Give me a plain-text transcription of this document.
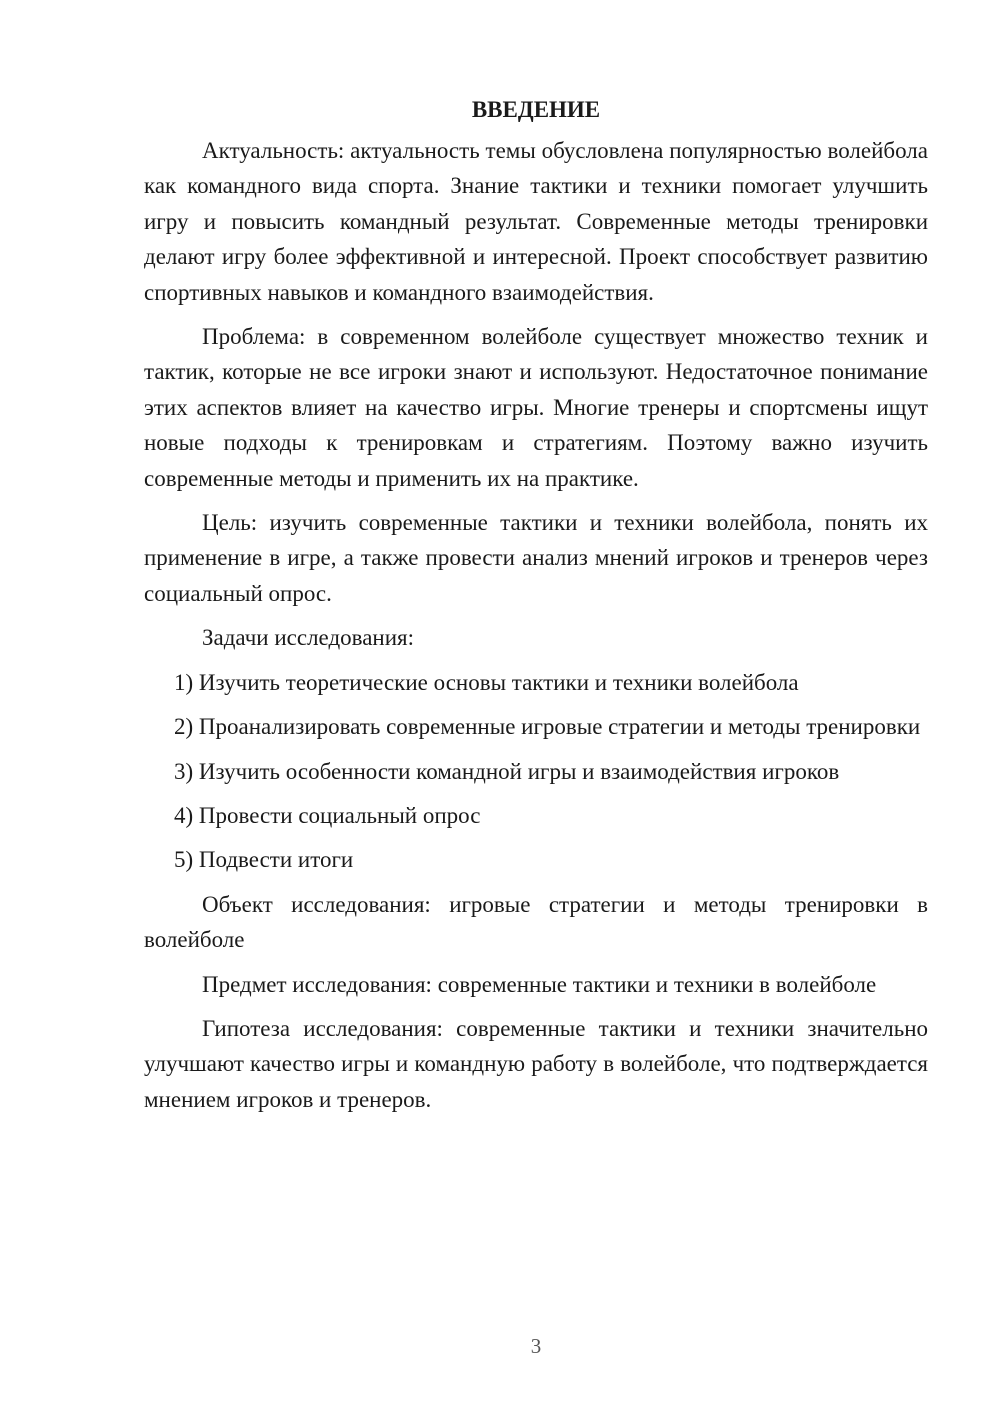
ВВЕДЕНИЕ

Актуальность: актуальность темы обусловлена популярностью волейбола как командного вида спорта. Знание тактики и техники помогает улучшить игру и повысить командный результат. Современные методы тренировки делают игру более эффективной и интересной. Проект способствует развитию спортивных навыков и командного взаимодействия.

Проблема: в современном волейболе существует множество техник и тактик, которые не все игроки знают и используют. Недостаточное понимание этих аспектов влияет на качество игры. Многие тренеры и спортсмены ищут новые подходы к тренировкам и стратегиям. Поэтому важно изучить современные методы и применить их на практике.

Цель: изучить современные тактики и техники волейбола, понять их применение в игре, а также провести анализ мнений игроков и тренеров через социальный опрос.

Задачи исследования:

1) Изучить теоретические основы тактики и техники волейбола

2) Проанализировать современные игровые стратегии и методы тренировки

3) Изучить особенности командной игры и взаимодействия игроков

4) Провести социальный опрос

5) Подвести итоги

Объект исследования: игровые стратегии и методы тренировки в волейболе

Предмет исследования: современные тактики и техники в волейболе

Гипотеза исследования: современные тактики и техники значительно улучшают качество игры и командную работу в волейболе, что подтверждается мнением игроков и тренеров.

3
